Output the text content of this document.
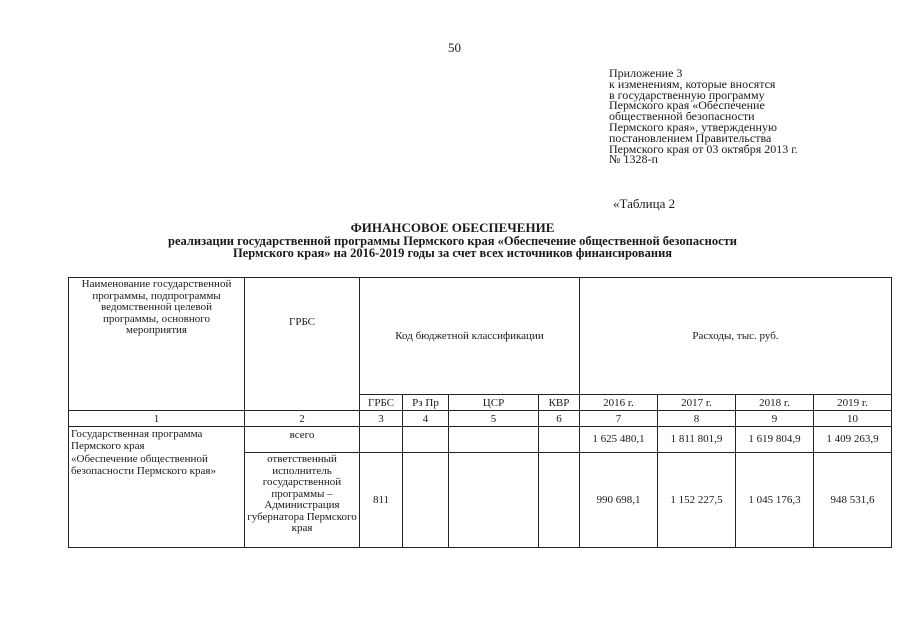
50
Приложение 3
к изменениям, которые вносятся
в государственную программу
Пермского края «Обеспечение
общественной безопасности
Пермского края», утвержденную
постановлением Правительства
Пермского края от 03 октября 2013 г.
№ 1328-п
«Таблица 2
ФИНАНСОВОЕ ОБЕСПЕЧЕНИЕ
реализации государственной программы Пермского края «Обеспечение общественной безопасности
Пермского края» на 2016-2019 годы за счет всех источников финансирования
Наименование государственной программы, подпрограммы ведомственной целевой программы, основного мероприятия	ГРБС	Код бюджетной классификации				Расходы, тыс. руб.			
		ГРБС	Рз Пр	ЦСР	КВР	2016 г.	2017 г.	2018 г.	2019 г.
1	2	3	4	5	6	7	8	9	10

Государственная программа Пермского края
«Обеспечение общественной безопасности Пермского края»	всего					1 625 480,1	1 811 801,9	1 619 804,9	1 409 263,9

	ответственный исполнитель государственной программы – Администрация губернатора Пермского края	811				990 698,1	1 152 227,5	1 045 176,3	948 531,6
